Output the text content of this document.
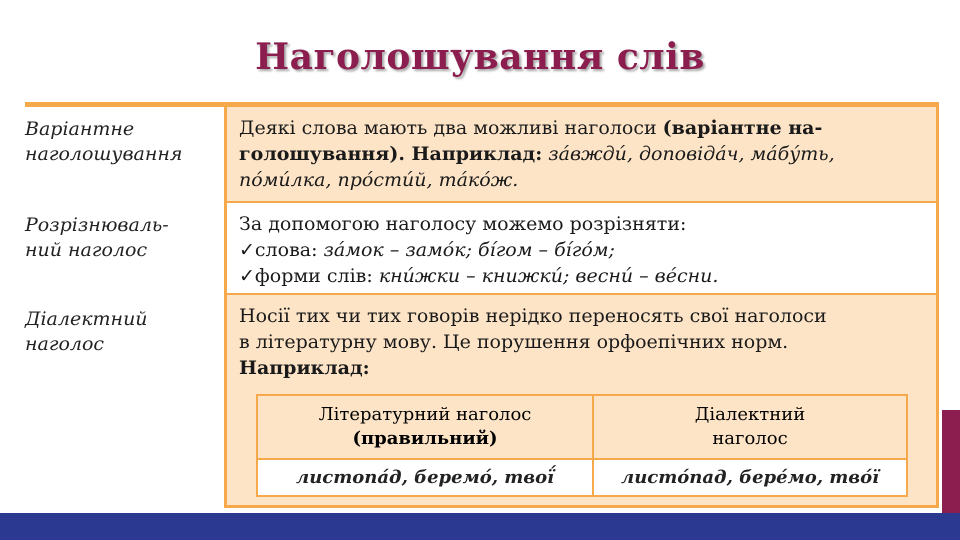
Наголошування слів
Варіантне
наголошування
Розрізнюваль-
ний наголос
Діалектний
наголос
Деякі слова мають два можливі наголоси (варіантне на-
голошування). Наприклад: за́вжди́, доповіда́ч, ма́бу́ть,
по́ми́лка, про́сти́й, та́ко́ж.
За допомогою наголосу можемо розрізняти:
✓слова: за́мок – замо́к; бі́гом – бі́го́м;
✓форми слів: кни́жки – книжки́; весни́ – ве́сни.
Носії тих чи тих говорів нерідко переносять свої наголоси
в літературну мову. Це порушення орфоепічних норм.
Наприклад:
Літературний наголос
(правильний)
Діалектний
наголос
листопа́д, беремо́, твої́	листо́пад, бере́мо, тво́ї
